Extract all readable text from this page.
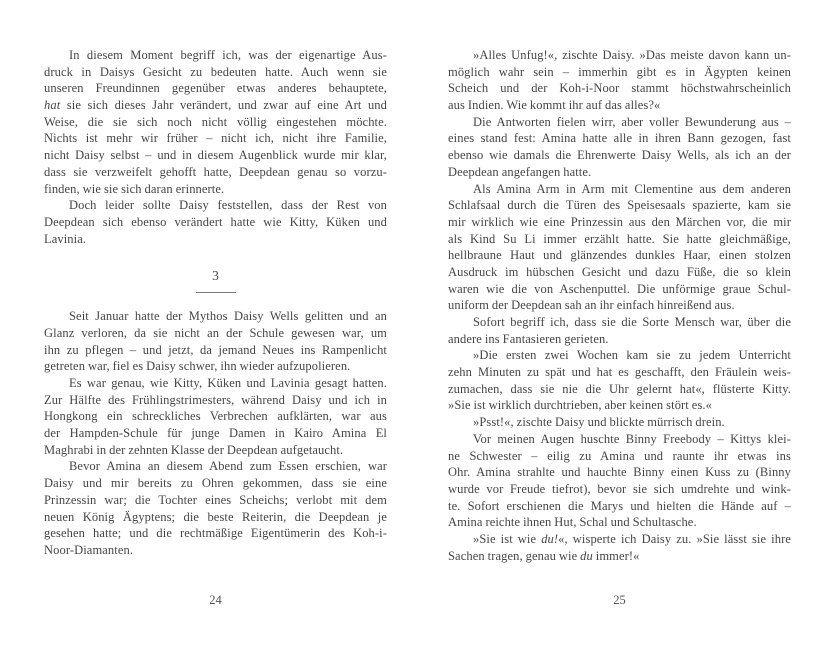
In diesem Moment begriff ich, was der eigenartige Aus-
druck in Daisys Gesicht zu bedeuten hatte. Auch wenn sie
unseren Freundinnen gegenüber etwas anderes behauptete,
hat sie sich dieses Jahr verändert, und zwar auf eine Art und
Weise, die sie sich noch nicht völlig eingestehen möchte.
Nichts ist mehr wir früher – nicht ich, nicht ihre Familie,
nicht Daisy selbst – und in diesem Augenblick wurde mir klar,
dass sie verzweifelt gehofft hatte, Deepdean genau so vorzu-
finden, wie sie sich daran erinnerte.
Doch leider sollte Daisy feststellen, dass der Rest von
Deepdean sich ebenso verändert hatte wie Kitty, Küken und
Lavinia.
3
Seit Januar hatte der Mythos Daisy Wells gelitten und an
Glanz verloren, da sie nicht an der Schule gewesen war, um
ihn zu pflegen – und jetzt, da jemand Neues ins Rampenlicht
getreten war, fiel es Daisy schwer, ihn wieder aufzupolieren.
Es war genau, wie Kitty, Küken und Lavinia gesagt hatten.
Zur Hälfte des Frühlingstrimesters, während Daisy und ich in
Hongkong ein schreckliches Verbrechen aufklärten, war aus
der Hampden-Schule für junge Damen in Kairo Amina El
Maghrabi in der zehnten Klasse der Deepdean aufgetaucht.
Bevor Amina an diesem Abend zum Essen erschien, war
Daisy und mir bereits zu Ohren gekommen, dass sie eine
Prinzessin war; die Tochter eines Scheichs; verlobt mit dem
neuen König Ägyptens; die beste Reiterin, die Deepdean je
gesehen hatte; und die rechtmäßige Eigentümerin des Koh-i-
Noor-Diamanten.
24
»Alles Unfug!«, zischte Daisy. »Das meiste davon kann un-
möglich wahr sein – immerhin gibt es in Ägypten keinen
Scheich und der Koh-i-Noor stammt höchstwahrscheinlich
aus Indien. Wie kommt ihr auf das alles?«
Die Antworten fielen wirr, aber voller Bewunderung aus –
eines stand fest: Amina hatte alle in ihren Bann gezogen, fast
ebenso wie damals die Ehrenwerte Daisy Wells, als ich an der
Deepdean angefangen hatte.
Als Amina Arm in Arm mit Clementine aus dem anderen
Schlafsaal durch die Türen des Speisesaals spazierte, kam sie
mir wirklich wie eine Prinzessin aus den Märchen vor, die mir
als Kind Su Li immer erzählt hatte. Sie hatte gleichmäßige,
hellbraune Haut und glänzendes dunkles Haar, einen stolzen
Ausdruck im hübschen Gesicht und dazu Füße, die so klein
waren wie die von Aschenputtel. Die unförmige graue Schul-
uniform der Deepdean sah an ihr einfach hinreißend aus.
Sofort begriff ich, dass sie die Sorte Mensch war, über die
andere ins Fantasieren gerieten.
»Die ersten zwei Wochen kam sie zu jedem Unterricht
zehn Minuten zu spät und hat es geschafft, den Fräulein weis-
zumachen, dass sie nie die Uhr gelernt hat«, flüsterte Kitty.
»Sie ist wirklich durchtrieben, aber keinen stört es.«
»Psst!«, zischte Daisy und blickte mürrisch drein.
Vor meinen Augen huschte Binny Freebody – Kittys klei-
ne Schwester – eilig zu Amina und raunte ihr etwas ins
Ohr. Amina strahlte und hauchte Binny einen Kuss zu (Binny
wurde vor Freude tiefrot), bevor sie sich umdrehte und wink-
te. Sofort erschienen die Marys und hielten die Hände auf –
Amina reichte ihnen Hut, Schal und Schultasche.
»Sie ist wie du!«, wisperte ich Daisy zu. »Sie lässt sie ihre
Sachen tragen, genau wie du immer!«
25
